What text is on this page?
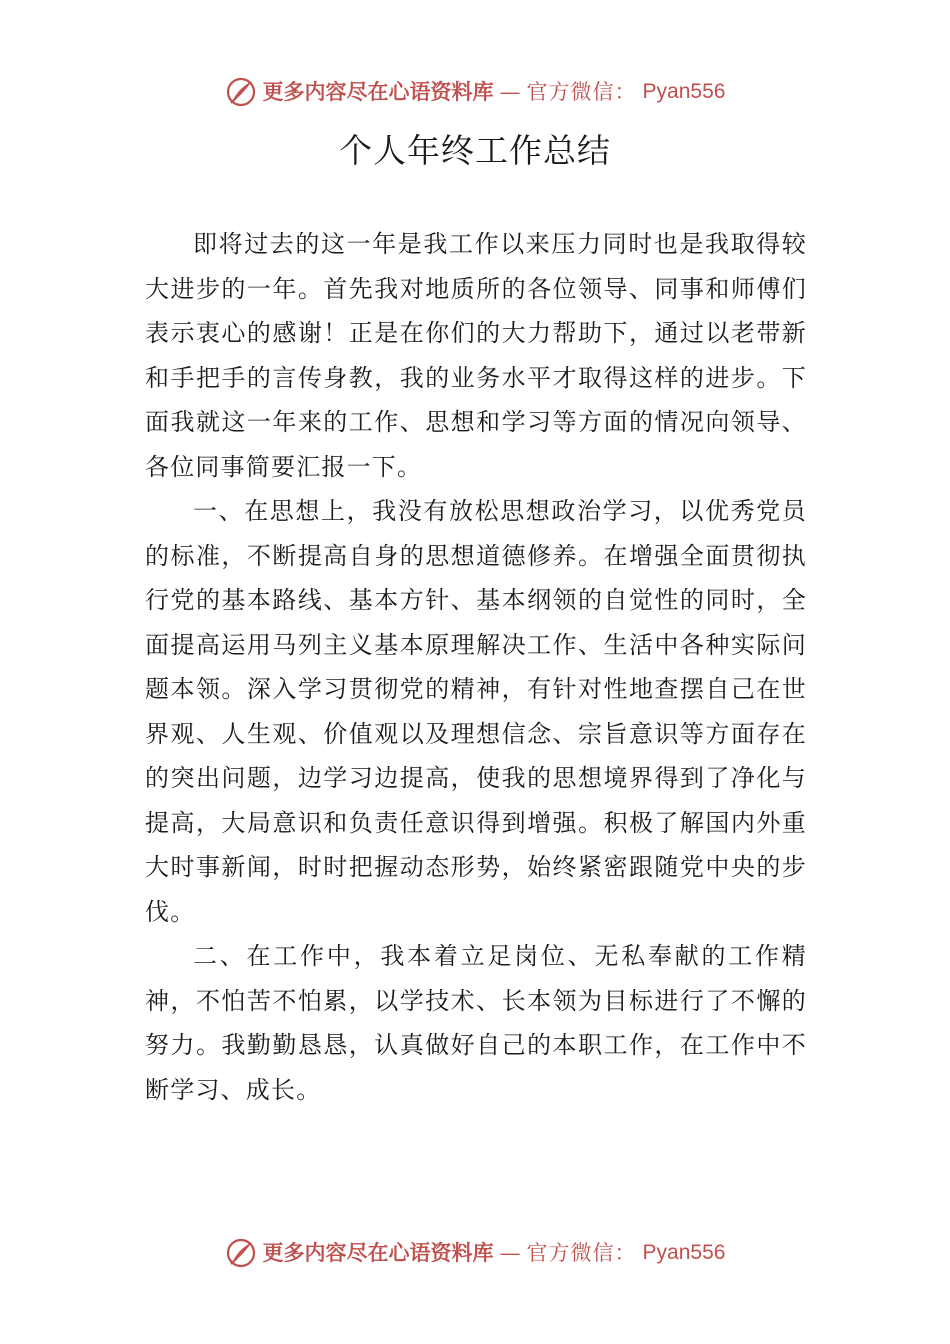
更多内容尽在心语资料库 — 官方微信： Pyan556
个人年终工作总结

即将过去的这一年是我工作以来压力同时也是我取得较大进步的一年。首先我对地质所的各位领导、同事和师傅们表示衷心的感谢！正是在你们的大力帮助下，通过以老带新和手把手的言传身教，我的业务水平才取得这样的进步。下面我就这一年来的工作、思想和学习等方面的情况向领导、各位同事简要汇报一下。

一、在思想上，我没有放松思想政治学习，以优秀党员的标准，不断提高自身的思想道德修养。在增强全面贯彻执行党的基本路线、基本方针、基本纲领的自觉性的同时，全面提高运用马列主义基本原理解决工作、生活中各种实际问题本领。深入学习贯彻党的精神，有针对性地查摆自己在世界观、人生观、价值观以及理想信念、宗旨意识等方面存在的突出问题，边学习边提高，使我的思想境界得到了净化与提高，大局意识和负责任意识得到增强。积极了解国内外重大时事新闻，时时把握动态形势，始终紧密跟随党中央的步伐。

二、在工作中，我本着立足岗位、无私奉献的工作精神，不怕苦不怕累，以学技术、长本领为目标进行了不懈的努力。我勤勤恳恳，认真做好自己的本职工作，在工作中不断学习、成长。

更多内容尽在心语资料库 — 官方微信： Pyan556
